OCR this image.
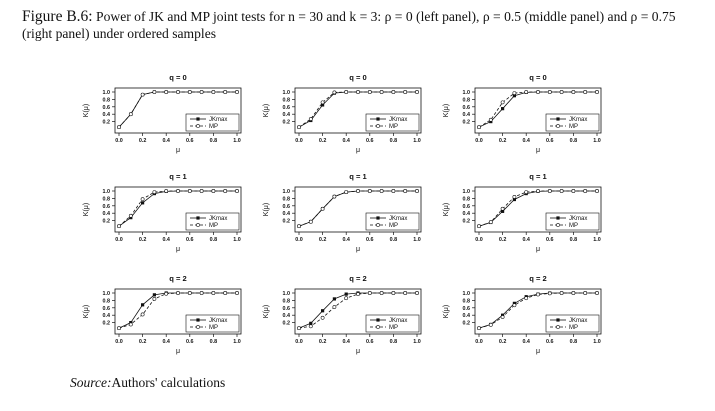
Figure B.6: Power of JK and MP joint tests for n = 30 and k = 3: ρ = 0 (left panel), ρ = 0.5 (middle panel) and ρ = 0.75 (right panel) under ordered samples
q = 0
0.0	0.2	0.4	0.6	0.8	1.0
0.2
0.4
0.6
0.8
1.0
μ
K(μ)
JKmax
MP
q = 0
0.0	0.2	0.4	0.6	0.8	1.0
0.2
0.4
0.6
0.8
1.0
μ
K(μ)
JKmax
MP
q = 0
0.0	0.2	0.4	0.6	0.8	1.0
0.2
0.4
0.6
0.8
1.0
μ
K(μ)
JKmax
MP
q = 1
0.0	0.2	0.4	0.6	0.8	1.0
0.2
0.4
0.6
0.8
1.0
μ
K(μ)
JKmax
MP
q = 1
0.0	0.2	0.4	0.6	0.8	1.0
0.2
0.4
0.6
0.8
1.0
μ
K(μ)
JKmax
MP
q = 1
0.0	0.2	0.4	0.6	0.8	1.0
0.2
0.4
0.6
0.8
1.0
μ
K(μ)
JKmax
MP
q = 2
0.0	0.2	0.4	0.6	0.8	1.0
0.2
0.4
0.6
0.8
1.0
μ
K(μ)
JKmax
MP
q = 2
0.0	0.2	0.4	0.6	0.8	1.0
0.2
0.4
0.6
0.8
1.0
μ
K(μ)
JKmax
MP
q = 2
0.0	0.2	0.4	0.6	0.8	1.0
0.2
0.4
0.6
0.8
1.0
μ
K(μ)
JKmax
MP
Source:Authors' calculations
